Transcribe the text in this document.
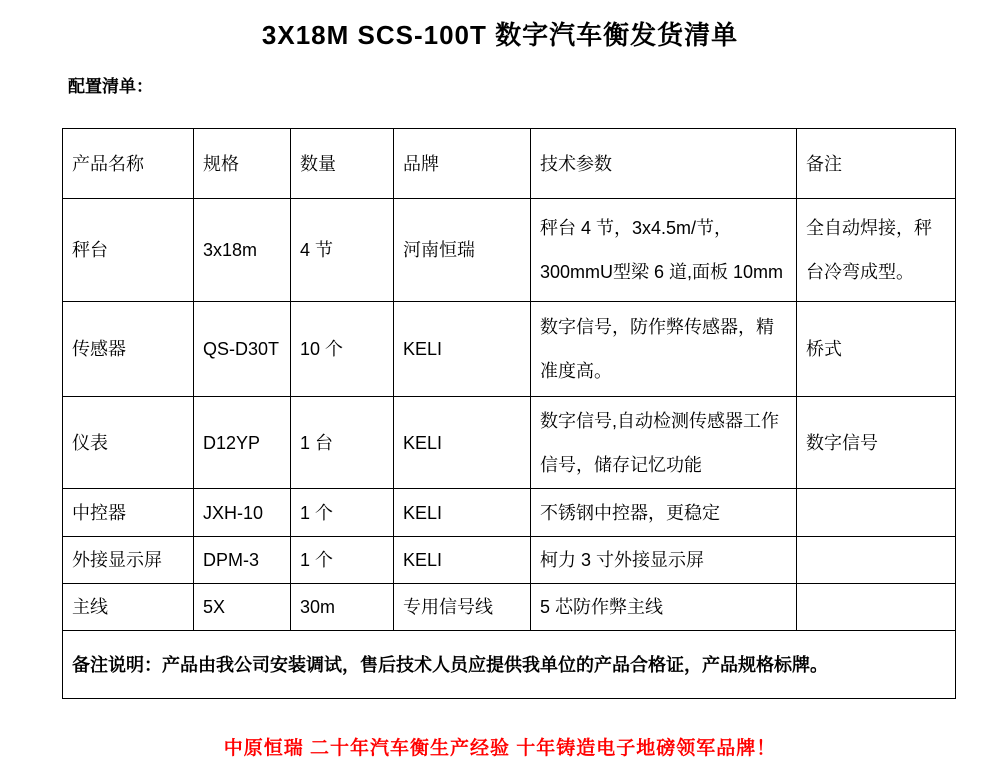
3X18M SCS-100T 数字汽车衡发货清单
配置清单：
产品名称	规格	数量	品牌	技术参数	备注
秤台	3x18m	4 节	河南恒瑞	秤台 4 节，3x4.5m/节，300mmU型梁 6 道,面板 10mm	全自动焊接，秤台冷弯成型。
传感器	QS-D30T	10 个	KELI	数字信号，防作弊传感器，精准度高。	桥式
仪表	D12YP	1 台	KELI	数字信号,自动检测传感器工作信号，储存记忆功能	数字信号
中控器	JXH-10	1 个	KELI	不锈钢中控器，更稳定	
外接显示屏	DPM-3	1 个	KELI	柯力 3 寸外接显示屏	
主线	5X	30m	专用信号线	5 芯防作弊主线	
备注说明：产品由我公司安装调试，售后技术人员应提供我单位的产品合格证，产品规格标牌。					
中原恒瑞 二十年汽车衡生产经验 十年铸造电子地磅领军品牌！
